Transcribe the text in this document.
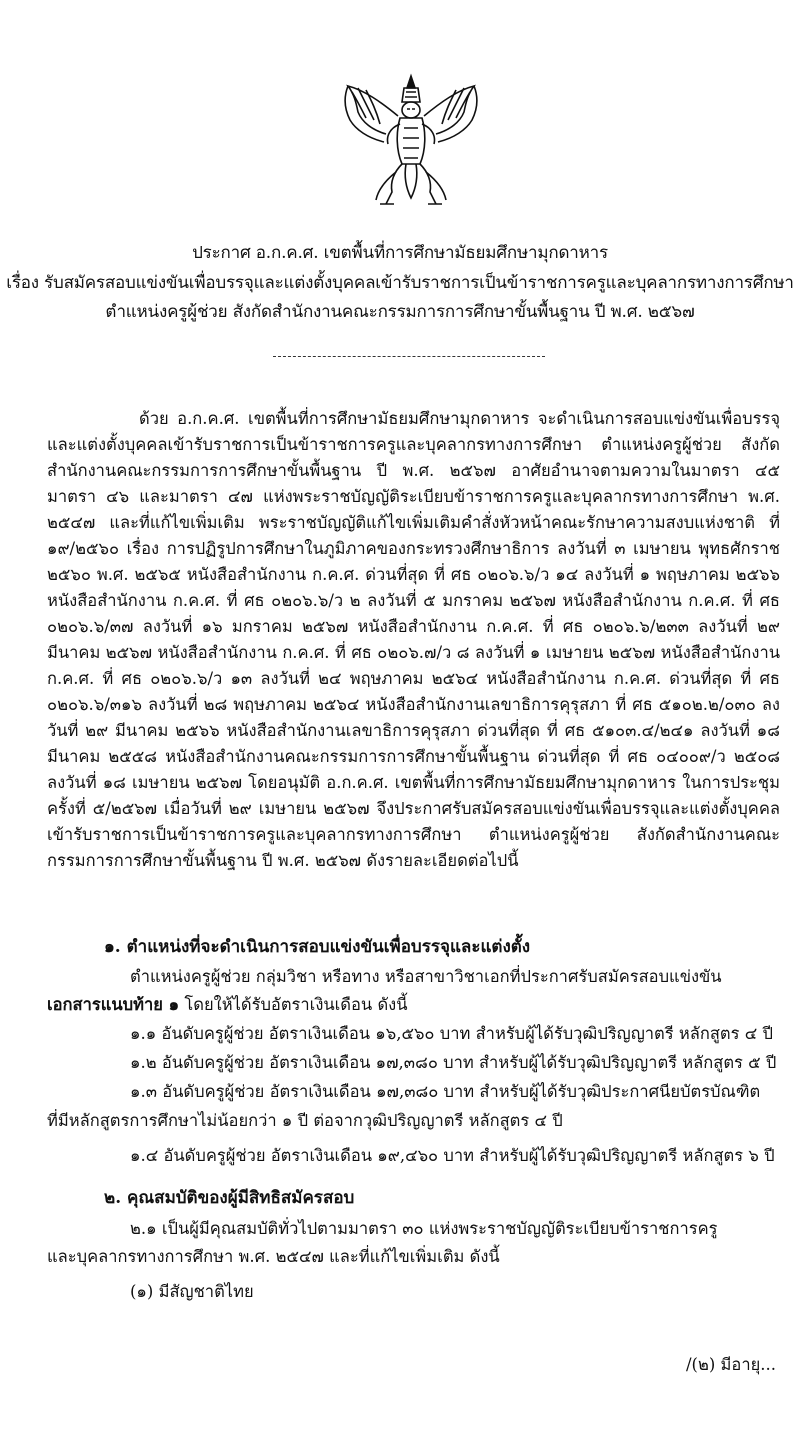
ประกาศ อ.ก.ค.ศ. เขตพื้นที่การศึกษามัธยมศึกษามุกดาหาร
เรื่อง รับสมัครสอบแข่งขันเพื่อบรรจุและแต่งตั้งบุคคลเข้ารับราชการเป็นข้าราชการครูและบุคลากรทางการศึกษา
ตำแหน่งครูผู้ช่วย สังกัดสำนักงานคณะกรรมการการศึกษาขั้นพื้นฐาน ปี พ.ศ. ๒๕๖๗

ด้วย อ.ก.ค.ศ. เขตพื้นที่การศึกษามัธยมศึกษามุกดาหาร จะดำเนินการสอบแข่งขันเพื่อบรรจุและแต่งตั้งบุคคลเข้ารับราชการเป็นข้าราชการครูและบุคลากรทางการศึกษา ตำแหน่งครูผู้ช่วย สังกัดสำนักงานคณะกรรมการการศึกษาขั้นพื้นฐาน ปี พ.ศ. ๒๕๖๗ อาศัยอำนาจตามความในมาตรา ๔๕ มาตรา ๔๖ และมาตรา ๔๗ แห่งพระราชบัญญัติระเบียบข้าราชการครูและบุคลากรทางการศึกษา พ.ศ. ๒๕๔๗ และที่แก้ไขเพิ่มเติม พระราชบัญญัติแก้ไขเพิ่มเติมคำสั่งหัวหน้าคณะรักษาความสงบแห่งชาติ ที่ ๑๙/๒๕๖๐ เรื่อง การปฏิรูปการศึกษาในภูมิภาคของกระทรวงศึกษาธิการ ลงวันที่ ๓ เมษายน พุทธศักราช ๒๕๖๐ พ.ศ. ๒๕๖๕ หนังสือสำนักงาน ก.ค.ศ. ด่วนที่สุด ที่ ศธ ๐๒๐๖.๖/ว ๑๔ ลงวันที่ ๑ พฤษภาคม ๒๕๖๖ หนังสือสำนักงาน ก.ค.ศ. ที่ ศธ ๐๒๐๖.๖/ว ๒ ลงวันที่ ๕ มกราคม ๒๕๖๗ หนังสือสำนักงาน ก.ค.ศ. ที่ ศธ ๐๒๐๖.๖/๓๗ ลงวันที่ ๑๖ มกราคม ๒๕๖๗ หนังสือสำนักงาน ก.ค.ศ. ที่ ศธ ๐๒๐๖.๖/๒๓๓ ลงวันที่ ๒๙ มีนาคม ๒๕๖๗ หนังสือสำนักงาน ก.ค.ศ. ที่ ศธ ๐๒๐๖.๗/ว ๘ ลงวันที่ ๑ เมษายน ๒๕๖๗ หนังสือสำนักงาน ก.ค.ศ. ที่ ศธ ๐๒๐๖.๖/ว ๑๓ ลงวันที่ ๒๔ พฤษภาคม ๒๕๖๔ หนังสือสำนักงาน ก.ค.ศ. ด่วนที่สุด ที่ ศธ ๐๒๐๖.๖/๓๑๖ ลงวันที่ ๒๘ พฤษภาคม ๒๕๖๔ หนังสือสำนักงานเลขาธิการคุรุสภา ที่ ศธ ๕๑๐๒.๒/๐๓๐ ลงวันที่ ๒๙ มีนาคม ๒๕๖๖ หนังสือสำนักงานเลขาธิการคุรุสภา ด่วนที่สุด ที่ ศธ ๕๑๐๓.๔/๒๔๑ ลงวันที่ ๑๘ มีนาคม ๒๕๕๘ หนังสือสำนักงานคณะกรรมการการศึกษาขั้นพื้นฐาน ด่วนที่สุด ที่ ศธ ๐๔๐๐๙/ว ๒๕๐๘ ลงวันที่ ๑๘ เมษายน ๒๕๖๗ โดยอนุมัติ อ.ก.ค.ศ. เขตพื้นที่การศึกษามัธยมศึกษามุกดาหาร ในการประชุมครั้งที่ ๕/๒๕๖๗ เมื่อวันที่ ๒๙ เมษายน ๒๕๖๗ จึงประกาศรับสมัครสอบแข่งขันเพื่อบรรจุและแต่งตั้งบุคคลเข้ารับราชการเป็นข้าราชการครูและบุคลากรทางการศึกษา ตำแหน่งครูผู้ช่วย สังกัดสำนักงานคณะกรรมการการศึกษาขั้นพื้นฐาน ปี พ.ศ. ๒๕๖๗ ดังรายละเอียดต่อไปนี้

๑. ตำแหน่งที่จะดำเนินการสอบแข่งขันเพื่อบรรจุและแต่งตั้ง

ตำแหน่งครูผู้ช่วย กลุ่มวิชา หรือทาง หรือสาขาวิชาเอกที่ประกาศรับสมัครสอบแข่งขัน

เอกสารแนบท้าย ๑ โดยให้ได้รับอัตราเงินเดือน ดังนี้

๑.๑ อันดับครูผู้ช่วย อัตราเงินเดือน ๑๖,๕๖๐ บาท สำหรับผู้ได้รับวุฒิปริญญาตรี หลักสูตร ๔ ปี

๑.๒ อันดับครูผู้ช่วย อัตราเงินเดือน ๑๗,๓๘๐ บาท สำหรับผู้ได้รับวุฒิปริญญาตรี หลักสูตร ๕ ปี

๑.๓ อันดับครูผู้ช่วย อัตราเงินเดือน ๑๗,๓๘๐ บาท สำหรับผู้ได้รับวุฒิประกาศนียบัตรบัณฑิต

ที่มีหลักสูตรการศึกษาไม่น้อยกว่า ๑ ปี ต่อจากวุฒิปริญญาตรี หลักสูตร ๔ ปี

๑.๔ อันดับครูผู้ช่วย อัตราเงินเดือน ๑๙,๔๖๐ บาท สำหรับผู้ได้รับวุฒิปริญญาตรี หลักสูตร ๖ ปี

๒. คุณสมบัติของผู้มีสิทธิสมัครสอบ

๒.๑ เป็นผู้มีคุณสมบัติทั่วไปตามมาตรา ๓๐ แห่งพระราชบัญญัติระเบียบข้าราชการครู

และบุคลากรทางการศึกษา พ.ศ. ๒๕๔๗ และที่แก้ไขเพิ่มเติม ดังนี้

(๑) มีสัญชาติไทย

/(๒) มีอายุ...
